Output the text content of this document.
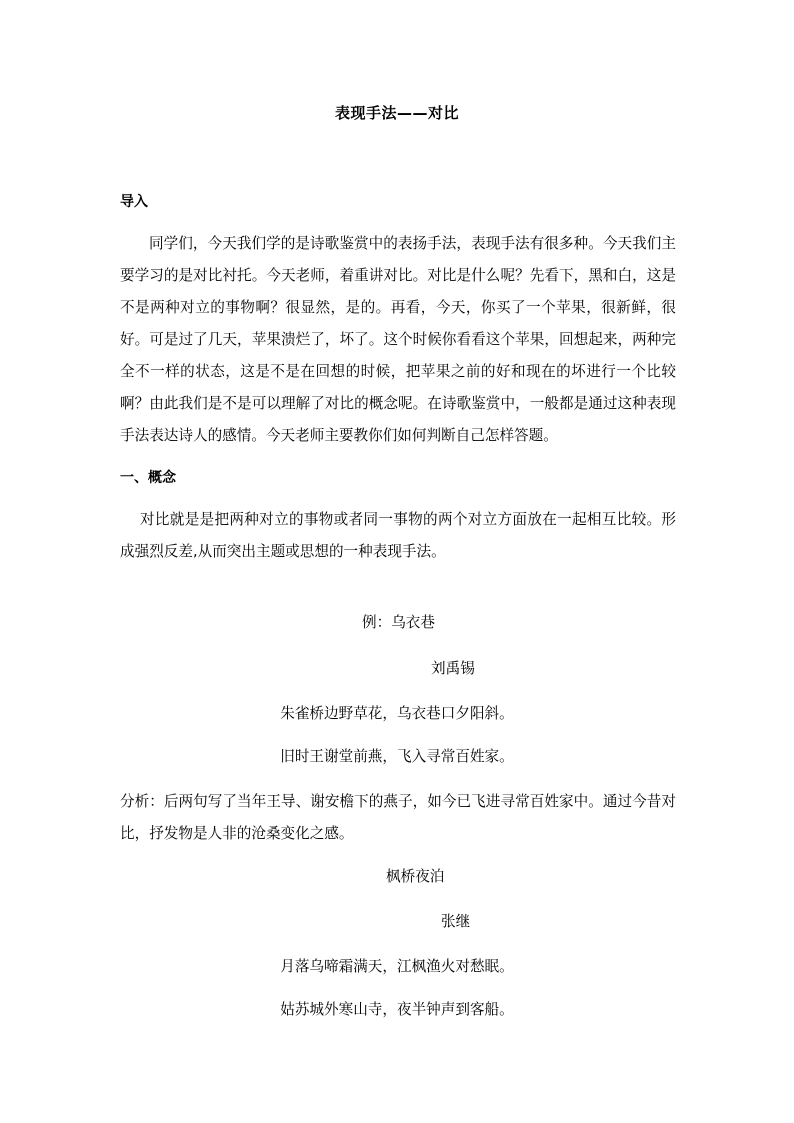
表现手法——对比
导入

同学们，今天我们学的是诗歌鉴赏中的表扬手法，表现手法有很多种。今天我们主要学习的是对比衬托。今天老师，着重讲对比。对比是什么呢？先看下，黑和白，这是不是两种对立的事物啊？很显然，是的。再看，今天，你买了一个苹果，很新鲜，很好。可是过了几天，苹果溃烂了，坏了。这个时候你看看这个苹果，回想起来，两种完全不一样的状态，这是不是在回想的时候，把苹果之前的好和现在的坏进行一个比较啊？由此我们是不是可以理解了对比的概念呢。在诗歌鉴赏中，一般都是通过这种表现手法表达诗人的感情。今天老师主要教你们如何判断自己怎样答题。

一、概念

对比就是是把两种对立的事物或者同一事物的两个对立方面放在一起相互比较。形成强烈反差,从而突出主题或思想的一种表现手法。

例：乌衣巷
刘禹锡
朱雀桥边野草花，乌衣巷口夕阳斜。
旧时王谢堂前燕，飞入寻常百姓家。

分析：后两句写了当年王导、谢安檐下的燕子，如今已飞进寻常百姓家中。通过今昔对比，抒发物是人非的沧桑变化之感。

枫桥夜泊
张继
月落乌啼霜满天，江枫渔火对愁眠。
姑苏城外寒山寺，夜半钟声到客船。
